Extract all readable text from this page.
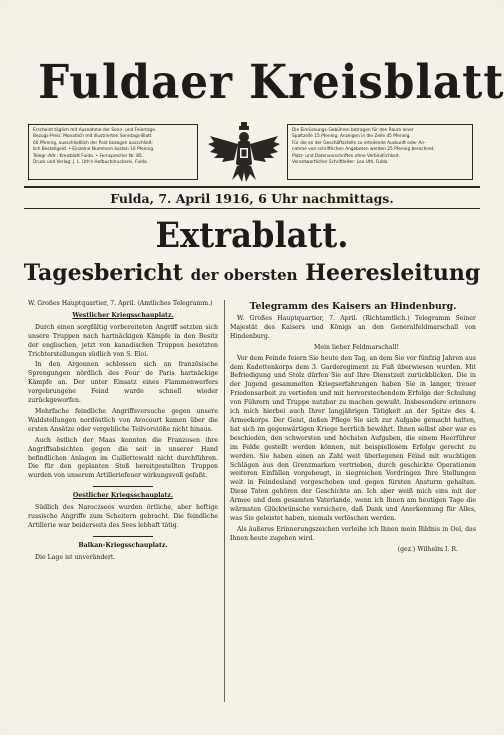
Fuldaer Kreisblatt

Erscheint täglich mit Ausnahme der Sonn- und Feiertage.

Bezugs-Preis: Monatlich mit illustrierten Sonntags-Blatt

60 Pfennig, ausschließlich der Post bezogen ausschließ-

lich Bestellgeld. • Einzelne Nummern kosten 10 Pfennig.

Telegr.-Adr.: Kreisblatt Fulda. • Fernsprecher Nr. 85.

Druck und Verlag: J. L. Uth's Hofbuchdruckerei, Fulda.

Die Einrückungs-Gebühren betragen für den Raum einer

Spaltzeile 15 Pfennig. Anzeigen in die Zeile 45 Pfennig.

Für die an der Geschäftsstelle zu erteilende Auskunft oder An-

nahme von schriftlichen Angeboten werden 25 Pfennig berechnet.

Platz- und Datenvorschriften ohne Verbindlichkeit.

Verantwortlicher Schriftleiter: Leo Uth, Fulda.

Fulda, 7. April 1916, 6 Uhr nachmittags.
Extrablatt.
Tagesbericht der obersten Heeresleitung

W. Großes Hauptquartier, 7. April. (Amtliches Telegramm.)

Westlicher Kriegsschauplatz.

Durch einen sorgfältig vorbereiteten Angriff setzten sich unsere Truppen nach hartnäckigen Kämpfe in den Besitz der englischen, jetzt von kanadischen Truppen besetzten Trichterstellungen südlich von S. Eloi.

In den Argonnen schlossen sich an französische Sprengungen nördlich des Four de Paris hartnäckige Kämpfe an. Der unter Einsatz eines Flammenwerfers vorgebrungene Feind wurde schnell wieder zurückgeworfen.

Mehrfache feindliche Angriffsversuche gegen unsere Waldstellungen nordöstlich von Avocourt kamen über die ersten Ansätze oder vergebliche Teilvorstöße nicht hinaus.

Auch östlich der Maas konnten die Franzosen ihre Angriffsabsichten gegen die seit in unserer Hand befindlichen Anlagen im Caillettewald nicht durchführen. Die für den geplanten Stoß bereitgestellten Truppen wurden von unserem Artilleriefeuer wirkungsvoll gefaßt.

Oestlicher Kriegsschauplatz.

Südlich des Naroczsees wurden örtliche, aber heftige russische Angriffe zum Scheitern gebracht. Die feindliche Artillerie war beiderseits des Sees lebhaft tätig.

Balkan-Kriegsschauplatz.

Die Lage ist unverändert.

Telegramm des Kaisers an Hindenburg.

W. Großes Hauptquartier, 7. April. (Richtamtlich.) Telegramm Seiner Majestät des Kaisers und Königs an den Generalfeldmarschall von Hindenburg.

Mein lieber Feldmarschall!

Vor dem Feinde feiern Sie heute den Tag, an dem Sie vor fünfzig Jahren aus dem Kadettenkorps dem 3. Garderegiment zu Fuß überwiesen wurden. Mit Befriedigung und Stolz dürfen Sie auf Ihre Dienstzeit zurückblicken. Die in der Jugend gesammelten Kriegserfahrungen haben Sie in langer, treuer Friedensarbeit zu vertiefen und mit hervorstechendem Erfolge der Schulung von Führern und Truppe nutzbar zu machen gewußt. Insbesondere erinnere ich mich hierbei auch Ihrer langjährigen Tätigkeit an der Spitze des 4. Armeekorps. Der Geist, deßen Pflege Sie sich zur Aufgabe gemacht hatten, hat sich im gegenwärtigen Kriege herrlich bewährt. Ihnen selbst aber war es beschieden, den schwersten und höchsten Aufgaben, die einem Heerführer im Felde gestellt werden können, mit beispiellosem Erfolge gerecht zu werden. Sie haben einen an Zahl weit überlegenen Feind mit wuchtigen Schlägen aus den Grenzmarken vertrieben, durch geschickte Operationen weiteren Einfällen vorgebeugt, in siegreichen Vordringen Ihre Stellungen weit in Feindesland vorgeschoben und gegen fürsten Ansturm gehalten. Diese Taten gehören der Geschichte an. Ich aber weiß mich eins mit der Armee und dem gesamten Vaterlande, wenn ich Ihnen am heutigen Tage die wärmsten Glückwünsche versichere, daß Dank und Anerkennung für Alles, was Sie geleistet haben, niemals verlöschen werden.

Als äußeres Erinnerungszeichen verleihe ich Ihnen mein Bildnis in Oel, das Ihnen heute zugehen wird.

(gez.) Wilhelm I. R.
